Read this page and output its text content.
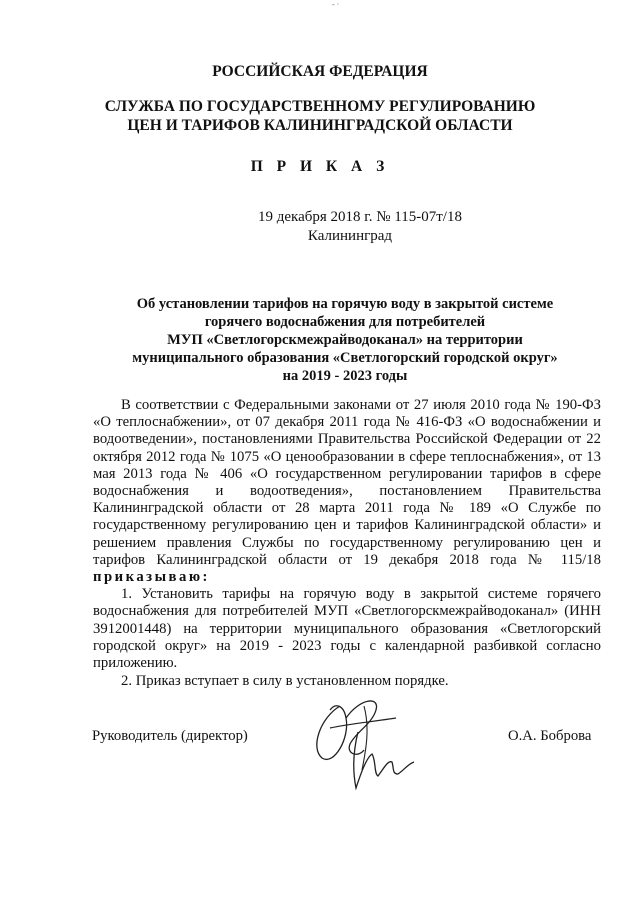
- ·
РОССИЙСКАЯ ФЕДЕРАЦИЯ
СЛУЖБА ПО ГОСУДАРСТВЕННОМУ РЕГУЛИРОВАНИЮ
ЦЕН И ТАРИФОВ КАЛИНИНГРАДСКОЙ ОБЛАСТИ
П Р И К А З
19 декабря 2018 г. № 115-07т/18
Калининград
Об установлении тарифов на горячую воду в закрытой системе
горячего водоснабжения для потребителей
МУП «Светлогорскмежрайводоканал» на территории
муниципального образования «Светлогорский городской округ»
на 2019 - 2023 годы

В соответствии с Федеральными законами от 27 июля 2010 года № 190-ФЗ «О теплоснабжении», от 07 декабря 2011 года № 416-ФЗ «О водоснабжении и водоотведении», постановлениями Правительства Российской Федерации от 22 октября 2012 года № 1075 «О ценообразовании в сфере теплоснабжения», от 13 мая 2013 года № 406 «О государственном регулировании тарифов в сфере водоснабжения и водоотведения», постановлением Правительства Калининградской области от 28 марта 2011 года № 189 «О Службе по государственному регулированию цен и тарифов Калининградской области» и решением правления Службы по государственному регулированию цен и тарифов Калининградской области от 19 декабря 2018 года № 115/18 приказываю:

1. Установить тарифы на горячую воду в закрытой системе горячего водоснабжения для потребителей МУП «Светлогорскмежрайводоканал» (ИНН 3912001448) на территории муниципального образования «Светлогорский городской округ» на 2019 - 2023 годы с календарной разбивкой согласно приложению.

2. Приказ вступает в силу в установленном порядке.

Руководитель (директор)	О.А. Боброва
